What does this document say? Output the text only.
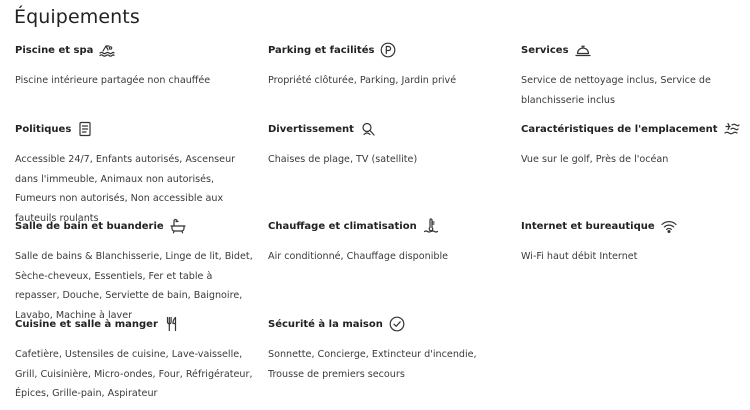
Équipements
Piscine et spa
Piscine intérieure partagée non chauffée
Parking et facilités
Propriété clôturée, Parking, Jardin privé
Services
Service de nettoyage inclus, Service de blanchisserie inclus
Politiques
Accessible 24/7, Enfants autorisés, Ascenseur dans l'immeuble, Animaux non autorisés, Fumeurs non autorisés, Non accessible aux fauteuils roulants
Divertissement
Chaises de plage, TV (satellite)
Caractéristiques de l'emplacement
Vue sur le golf, Près de l'océan
Salle de bain et buanderie
Salle de bains & Blanchisserie, Linge de lit, Bidet, Sèche-cheveux, Essentiels, Fer et table à repasser, Douche, Serviette de bain, Baignoire, Lavabo, Machine à laver
Chauffage et climatisation
Air conditionné, Chauffage disponible
Internet et bureautique
Wi-Fi haut débit Internet
Cuisine et salle à manger
Cafetière, Ustensiles de cuisine, Lave-vaisselle, Grill, Cuisinière, Micro-ondes, Four, Réfrigérateur, Épices, Grille-pain, Aspirateur
Sécurité à la maison
Sonnette, Concierge, Extincteur d'incendie, Trousse de premiers secours
